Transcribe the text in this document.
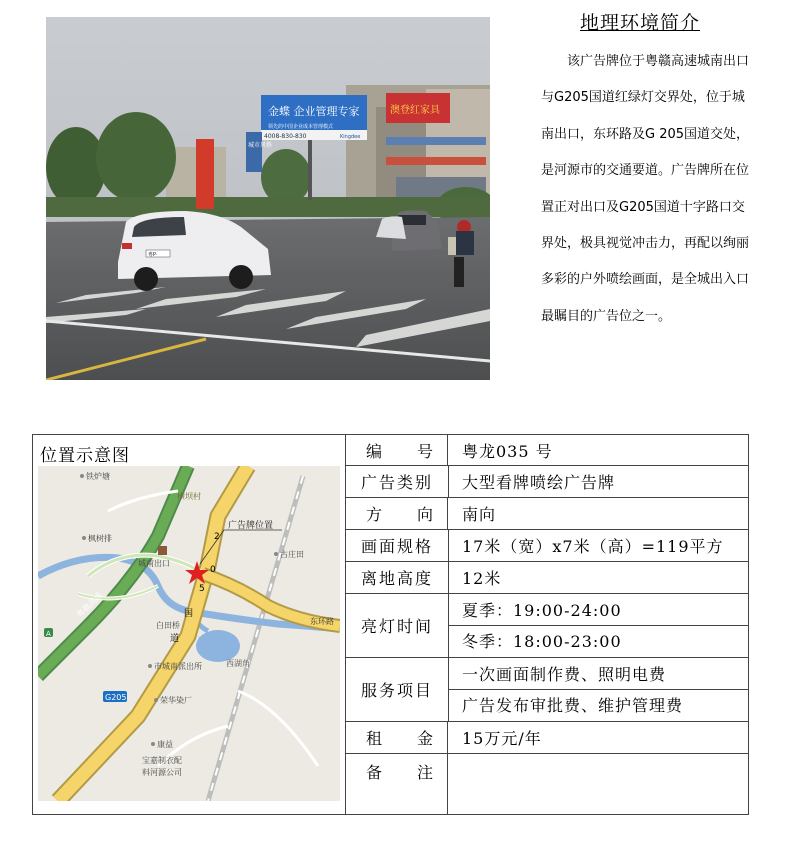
金蝶 企业管理专家
领先的中国企业成本管理模式
4008-830-830	Kingdee
澳登红家具
城市风格
粤P·
地理环境简介
该广告牌位于粤赣高速城南出口与G205国道红绿灯交界处，位于城南出口，东环路及G 205国道交处，是河源市的交通要道。广告牌所在位置正对出口及G205国道十字路口交界处，极具视觉冲击力，再配以绚丽多彩的户外喷绘画面，是全城出入口最瞩目的广告位之一。
位置示意图
广告牌位置
2
0
5
国
道
粤赣高速
G205
A
铁炉塘
横坝村
枫树排
城南出口
古庄田
东环路
白田桥
西湖角
市城南派出所
荣华染厂
康益
宝嘉制衣配
料河源公司
编 号 粤龙035 号
广告类别	大型看牌喷绘广告牌
方 向 南向
画面规格	17米（宽）x7米（高）=119平方
离地高度	12米
亮灯时间
夏季：19:00-24:00
冬季：18:00-23:00
服务项目
一次画面制作费、照明电费
广告发布审批费、维护管理费
租 金 15万元/年
备 注
